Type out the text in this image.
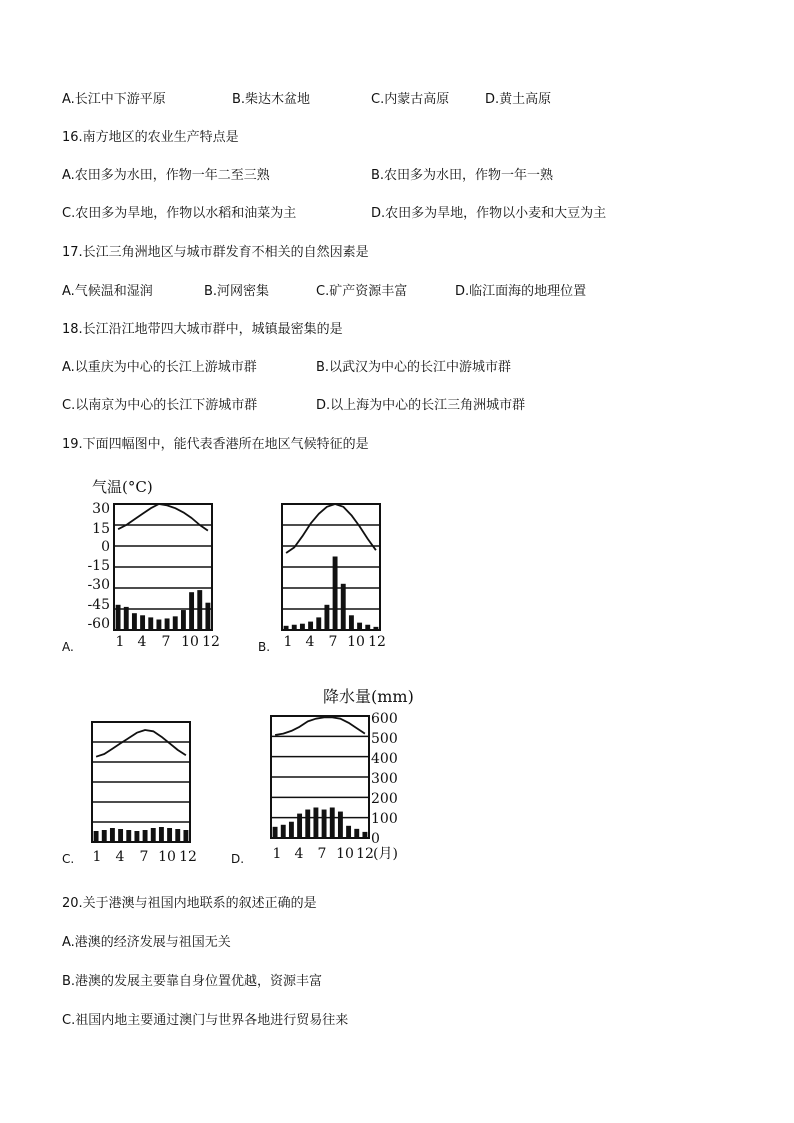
A.长江中下游平原	B.柴达木盆地	C.内蒙古高原	D.黄土高原
16.南方地区的农业生产特点是
A.农田多为水田，作物一年二至三熟	B.农田多为水田，作物一年一熟
C.农田多为旱地，作物以水稻和油菜为主	D.农田多为旱地，作物以小麦和大豆为主
17.长江三角洲地区与城市群发育不相关的自然因素是
A.气候温和湿润	B.河网密集	C.矿产资源丰富	D.临江面海的地理位置
18.长江沿江地带四大城市群中，城镇最密集的是
A.以重庆为中心的长江上游城市群	B.以武汉为中心的长江中游城市群
C.以南京为中心的长江下游城市群	D.以上海为中心的长江三角洲城市群
19.下面四幅图中，能代表香港所在地区气候特征的是
气温(°C)
30
15
0
-15
-30
-45
-60
1 4 7 10 12
A.	1 4 7 10 12
B.
1 4 7 10 12
C.
降水量(mm)
600
500
400
300
200
100
0
1 4 7 10 12 (月)
D.
20.关于港澳与祖国内地联系的叙述正确的是
A.港澳的经济发展与祖国无关
B.港澳的发展主要靠自身位置优越，资源丰富
C.祖国内地主要通过澳门与世界各地进行贸易往来
